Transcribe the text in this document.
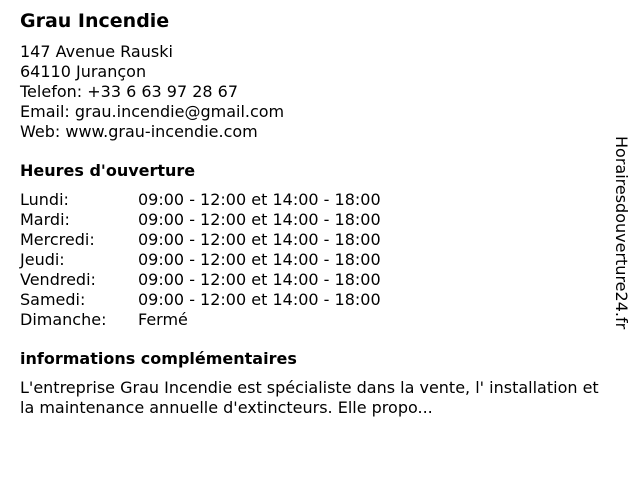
Grau Incendie
147 Avenue Rauski
64110 Jurançon
Telefon: +33 6 63 97 28 67
Email: grau.incendie@gmail.com
Web: www.grau-incendie.com
Heures d'ouverture
Lundi:	09:00 - 12:00 et 14:00 - 18:00
Mardi:	09:00 - 12:00 et 14:00 - 18:00
Mercredi:	09:00 - 12:00 et 14:00 - 18:00
Jeudi:	09:00 - 12:00 et 14:00 - 18:00
Vendredi:	09:00 - 12:00 et 14:00 - 18:00
Samedi:	09:00 - 12:00 et 14:00 - 18:00
Dimanche:	Fermé
informations complémentaires
L'entreprise Grau Incendie est spécialiste dans la vente, l' installation et la maintenance annuelle d'extincteurs. Elle propo...
Horairesdouverture24.fr
